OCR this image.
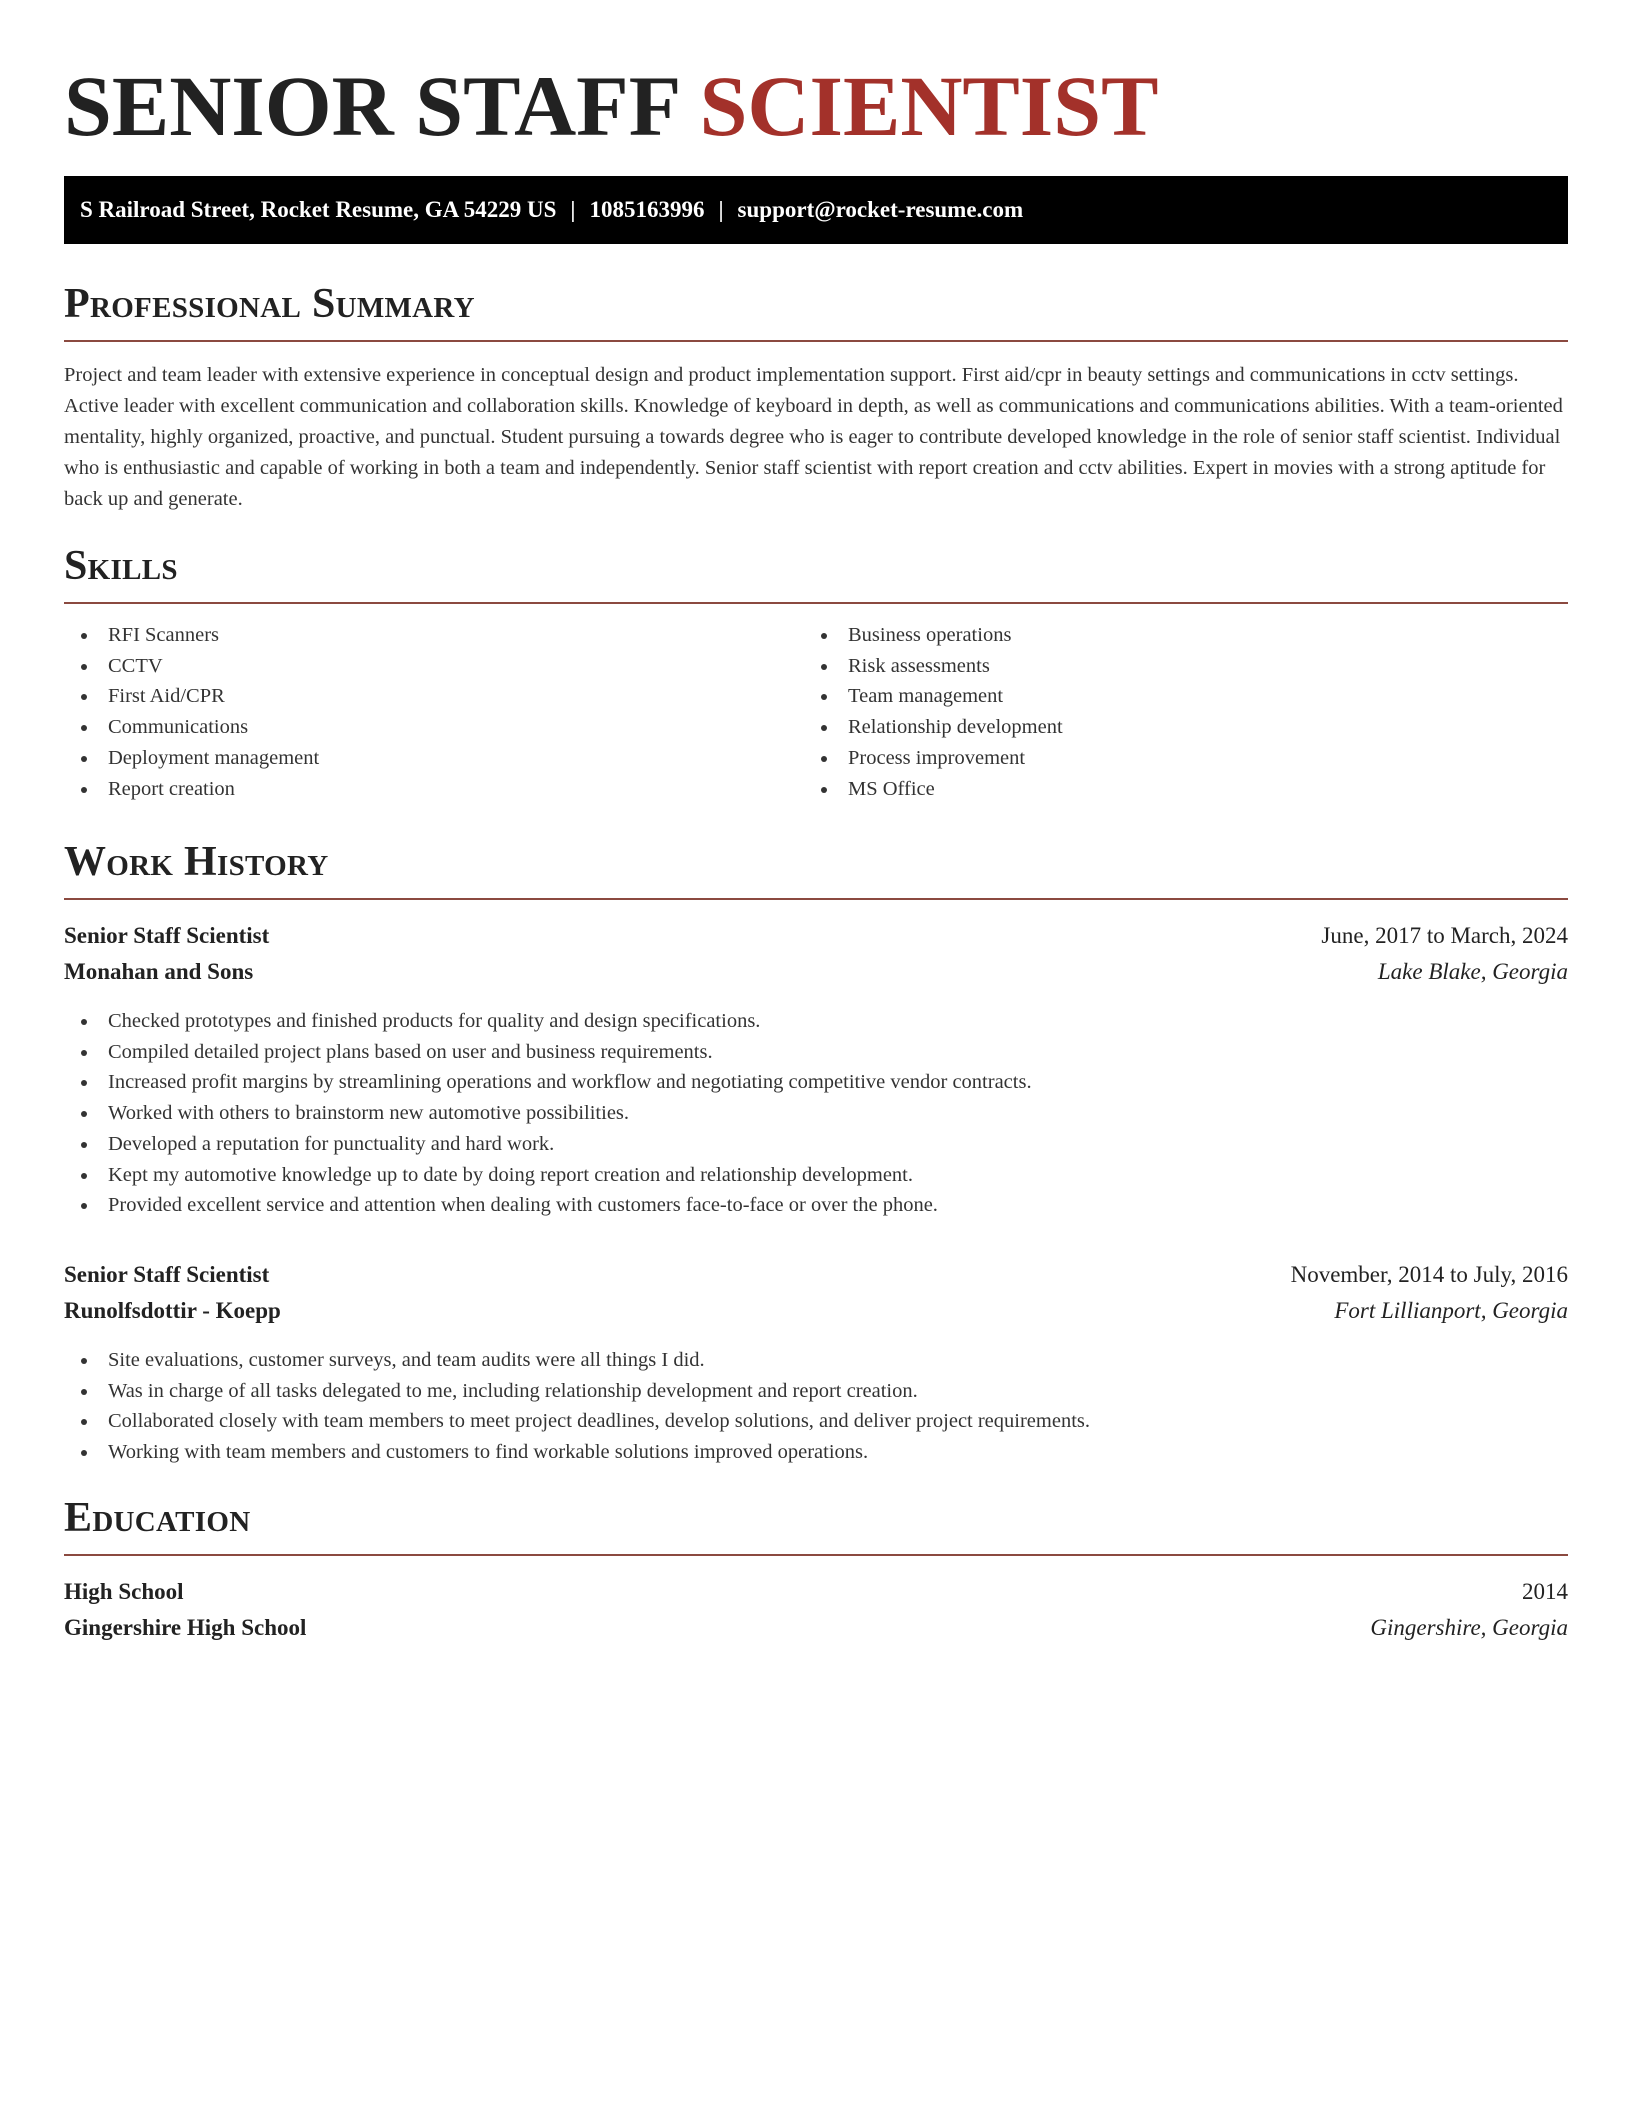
SENIOR STAFF SCIENTIST
S Railroad Street, Rocket Resume, GA 54229 US | 1085163996 | support@rocket-resume.com
Professional Summary

Project and team leader with extensive experience in conceptual design and product implementation support. First aid/cpr in beauty settings and communications in cctv settings. Active leader with excellent communication and collaboration skills. Knowledge of keyboard in depth, as well as communications and communications abilities. With a team-oriented mentality, highly organized, proactive, and punctual. Student pursuing a towards degree who is eager to contribute developed knowledge in the role of senior staff scientist. Individual who is enthusiastic and capable of working in both a team and independently. Senior staff scientist with report creation and cctv abilities. Expert in movies with a strong aptitude for back up and generate.

Skills
RFI Scanners
CCTV
First Aid/CPR
Communications
Deployment management
Report creation
Business operations
Risk assessments
Team management
Relationship development
Process improvement
MS Office
Work History
Senior Staff Scientist	June, 2017 to March, 2024
Monahan and Sons	Lake Blake, Georgia
Checked prototypes and finished products for quality and design specifications.
Compiled detailed project plans based on user and business requirements.
Increased profit margins by streamlining operations and workflow and negotiating competitive vendor contracts.
Worked with others to brainstorm new automotive possibilities.
Developed a reputation for punctuality and hard work.
Kept my automotive knowledge up to date by doing report creation and relationship development.
Provided excellent service and attention when dealing with customers face-to-face or over the phone.
Senior Staff Scientist	November, 2014 to July, 2016
Runolfsdottir - Koepp	Fort Lillianport, Georgia
Site evaluations, customer surveys, and team audits were all things I did.
Was in charge of all tasks delegated to me, including relationship development and report creation.
Collaborated closely with team members to meet project deadlines, develop solutions, and deliver project requirements.
Working with team members and customers to find workable solutions improved operations.
Education
High School	2014
Gingershire High School	Gingershire, Georgia
